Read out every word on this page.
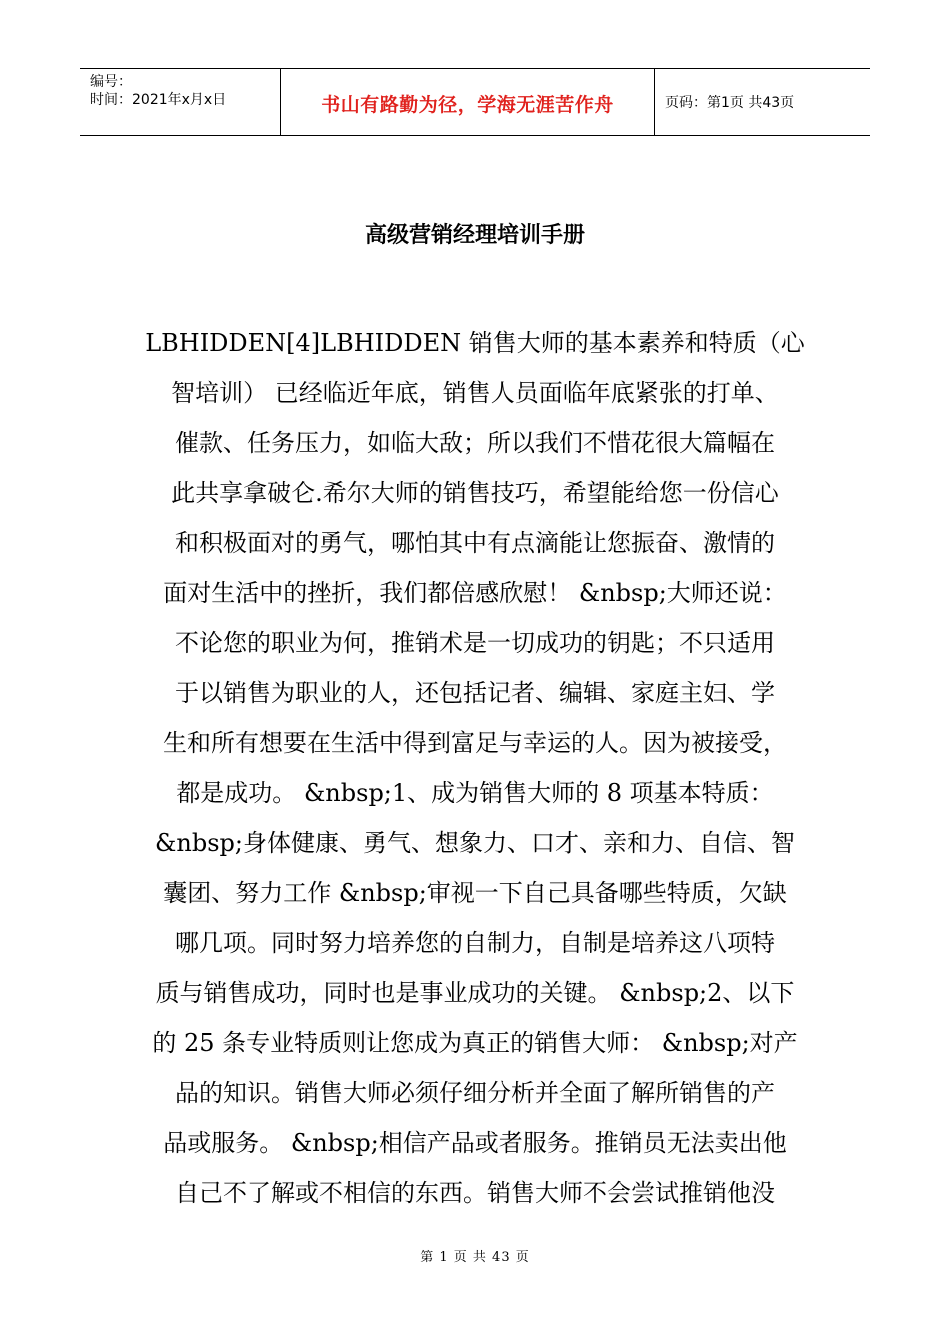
编号：
时间：2021年x月x日	书山有路勤为径，学海无涯苦作舟	页码：第1页 共43页
高级营销经理培训手册
LBHIDDEN[4]LBHIDDEN 销售大师的基本素养和特质（心
智培训） 已经临近年底，销售人员面临年底紧张的打单、
催款、任务压力，如临大敌；所以我们不惜花很大篇幅在
此共享拿破仑.希尔大师的销售技巧，希望能给您一份信心
和积极面对的勇气，哪怕其中有点滴能让您振奋、激情的
面对生活中的挫折，我们都倍感欣慰！ &nbsp;大师还说：
不论您的职业为何，推销术是一切成功的钥匙；不只适用
于以销售为职业的人，还包括记者、编辑、家庭主妇、学
生和所有想要在生活中得到富足与幸运的人。因为被接受，
都是成功。 &nbsp;1、成为销售大师的 8 项基本特质：
&nbsp;身体健康、勇气、想象力、口才、亲和力、自信、智
囊团、努力工作 &nbsp;审视一下自己具备哪些特质，欠缺
哪几项。同时努力培养您的自制力，自制是培养这八项特
质与销售成功，同时也是事业成功的关键。 &nbsp;2、以下
的 25 条专业特质则让您成为真正的销售大师： &nbsp;对产
品的知识。销售大师必须仔细分析并全面了解所销售的产
品或服务。 &nbsp;相信产品或者服务。推销员无法卖出他
自己不了解或不相信的东西。销售大师不会尝试推销他没
第 1 页 共 43 页
